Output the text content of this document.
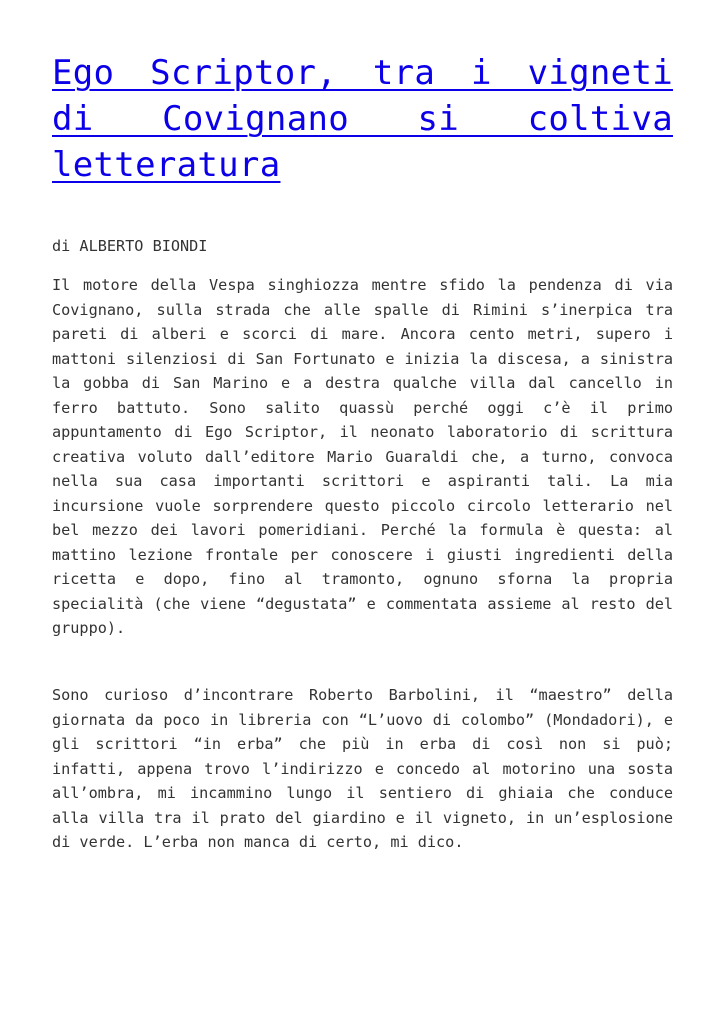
Ego Scriptor, tra i vigneti di Covignano si coltiva letteratura

di ALBERTO BIONDI

Il motore della Vespa singhiozza mentre sfido la pendenza di via Covignano, sulla strada che alle spalle di Rimini s’inerpica tra pareti di alberi e scorci di mare. Ancora cento metri, supero i mattoni silenziosi di San Fortunato e inizia la discesa, a sinistra la gobba di San Marino e a destra qualche villa dal cancello in ferro battuto. Sono salito quassù perché oggi c’è il primo appuntamento di Ego Scriptor, il neonato laboratorio di scrittura creativa voluto dall’editore Mario Guaraldi che, a turno, convoca nella sua casa importanti scrittori e aspiranti tali. La mia incursione vuole sorprendere questo piccolo circolo letterario nel bel mezzo dei lavori pomeridiani. Perché la formula è questa: al mattino lezione frontale per conoscere i giusti ingredienti della ricetta e dopo, fino al tramonto, ognuno sforna la propria specialità (che viene “degustata” e commentata assieme al resto del gruppo).

Sono curioso d’incontrare Roberto Barbolini, il “maestro” della giornata da poco in libreria con “L’uovo di colombo” (Mondadori), e gli scrittori “in erba” che più in erba di così non si può; infatti, appena trovo l’indirizzo e concedo al motorino una sosta all’ombra, mi incammino lungo il sentiero di ghiaia che conduce alla villa tra il prato del giardino e il vigneto, in un’esplosione di verde. L’erba non manca di certo, mi dico.
